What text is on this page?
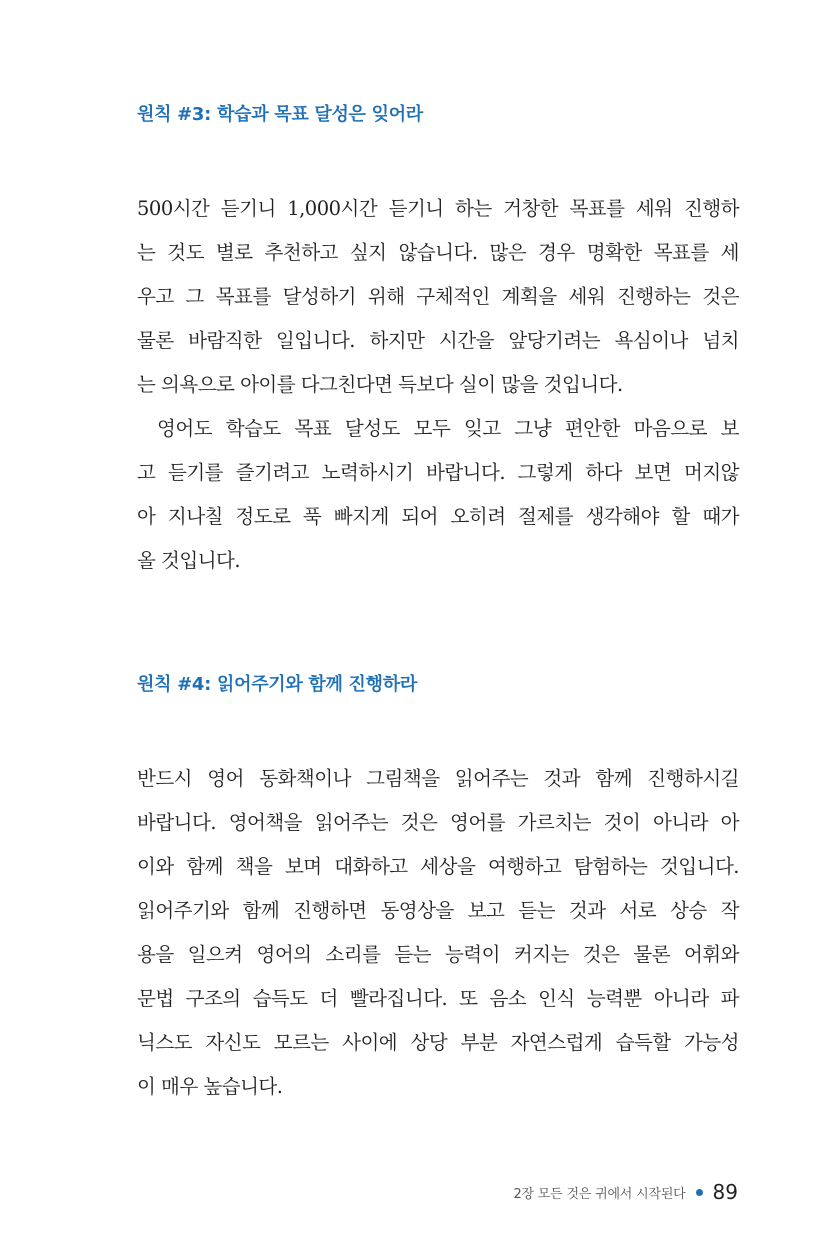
원칙 #3: 학습과 목표 달성은 잊어라
500시간 듣기니 1,000시간 듣기니 하는 거창한 목표를 세워 진행하
는 것도 별로 추천하고 싶지 않습니다. 많은 경우 명확한 목표를 세
우고 그 목표를 달성하기 위해 구체적인 계획을 세워 진행하는 것은
물론 바람직한 일입니다. 하지만 시간을 앞당기려는 욕심이나 넘치
는 의욕으로 아이를 다그친다면 득보다 실이 많을 것입니다.
영어도 학습도 목표 달성도 모두 잊고 그냥 편안한 마음으로 보
고 듣기를 즐기려고 노력하시기 바랍니다. 그렇게 하다 보면 머지않
아 지나칠 정도로 푹 빠지게 되어 오히려 절제를 생각해야 할 때가
올 것입니다.
원칙 #4: 읽어주기와 함께 진행하라
반드시 영어 동화책이나 그림책을 읽어주는 것과 함께 진행하시길
바랍니다. 영어책을 읽어주는 것은 영어를 가르치는 것이 아니라 아
이와 함께 책을 보며 대화하고 세상을 여행하고 탐험하는 것입니다.
읽어주기와 함께 진행하면 동영상을 보고 듣는 것과 서로 상승 작
용을 일으켜 영어의 소리를 듣는 능력이 커지는 것은 물론 어휘와
문법 구조의 습득도 더 빨라집니다. 또 음소 인식 능력뿐 아니라 파
닉스도 자신도 모르는 사이에 상당 부분 자연스럽게 습득할 가능성
이 매우 높습니다.
2장 모든 것은 귀에서 시작된다 89
